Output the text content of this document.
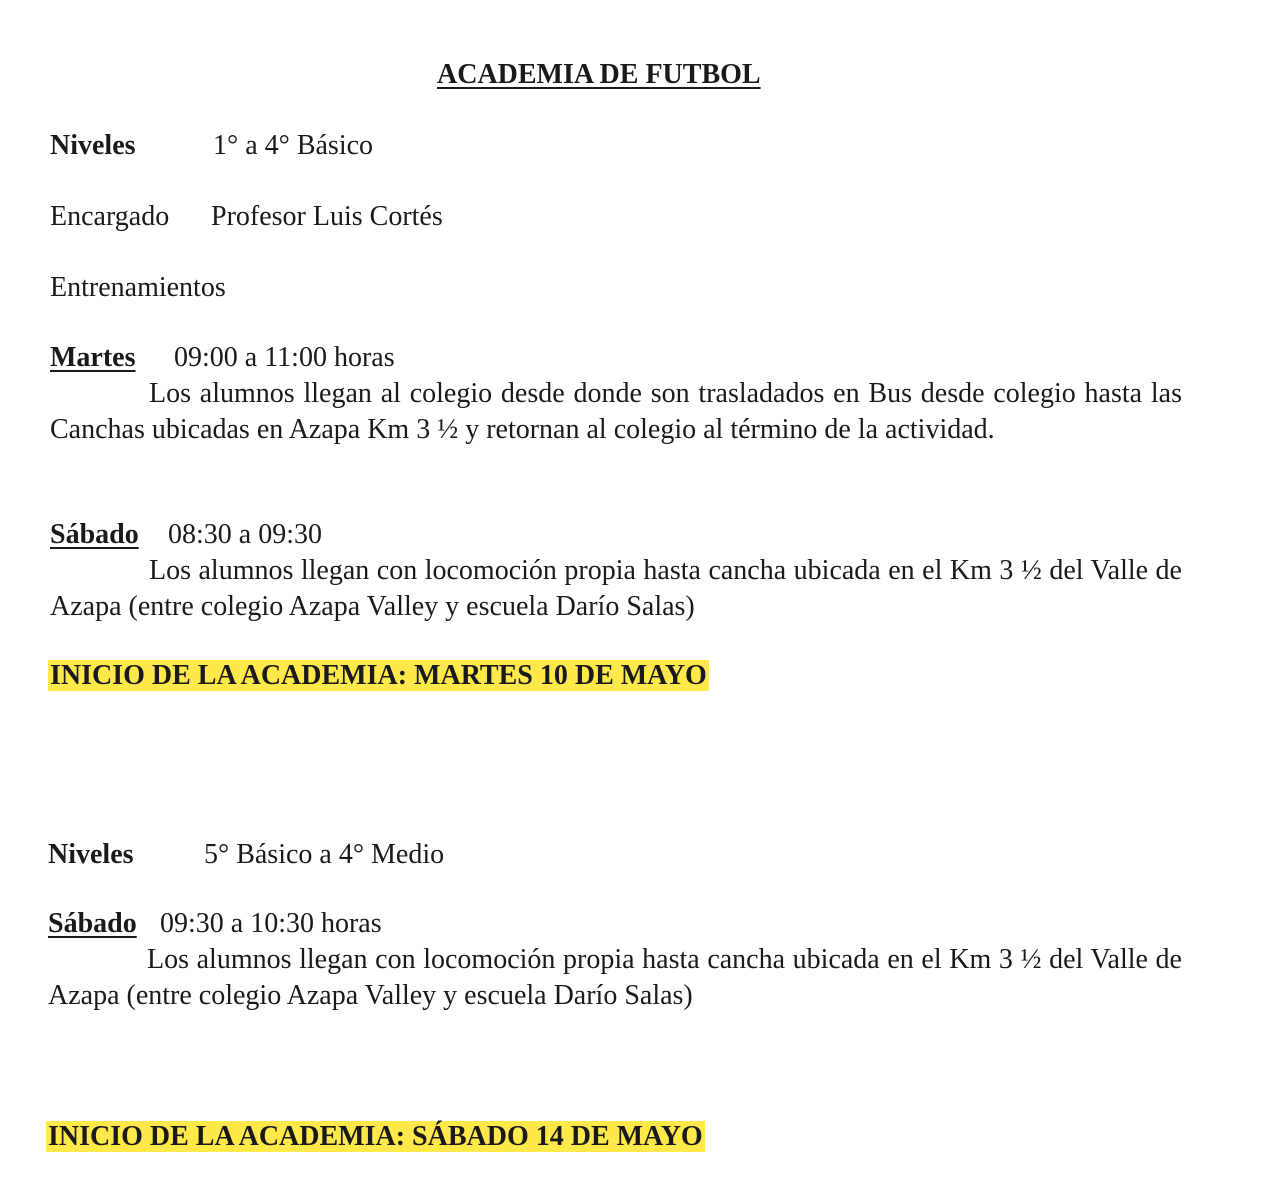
ACADEMIA DE FUTBOL
Niveles	1° a 4° Básico
Encargado Profesor Luis Cortés
Entrenamientos
Martes 09:00 a 11:00 horas
Los alumnos llegan al colegio desde donde son trasladados en Bus desde colegio hasta las Canchas ubicadas en Azapa Km 3 ½ y retornan al colegio al término de la actividad.
Sábado 08:30 a 09:30
Los alumnos llegan con locomoción propia hasta cancha ubicada en el Km 3 ½ del Valle de Azapa (entre colegio Azapa Valley y escuela Darío Salas)
INICIO DE LA ACADEMIA: MARTES 10 DE MAYO
Niveles	5° Básico a 4° Medio
Sábado 09:30 a 10:30 horas
Los alumnos llegan con locomoción propia hasta cancha ubicada en el Km 3 ½ del Valle de Azapa (entre colegio Azapa Valley y escuela Darío Salas)
INICIO DE LA ACADEMIA: SÁBADO 14 DE MAYO
